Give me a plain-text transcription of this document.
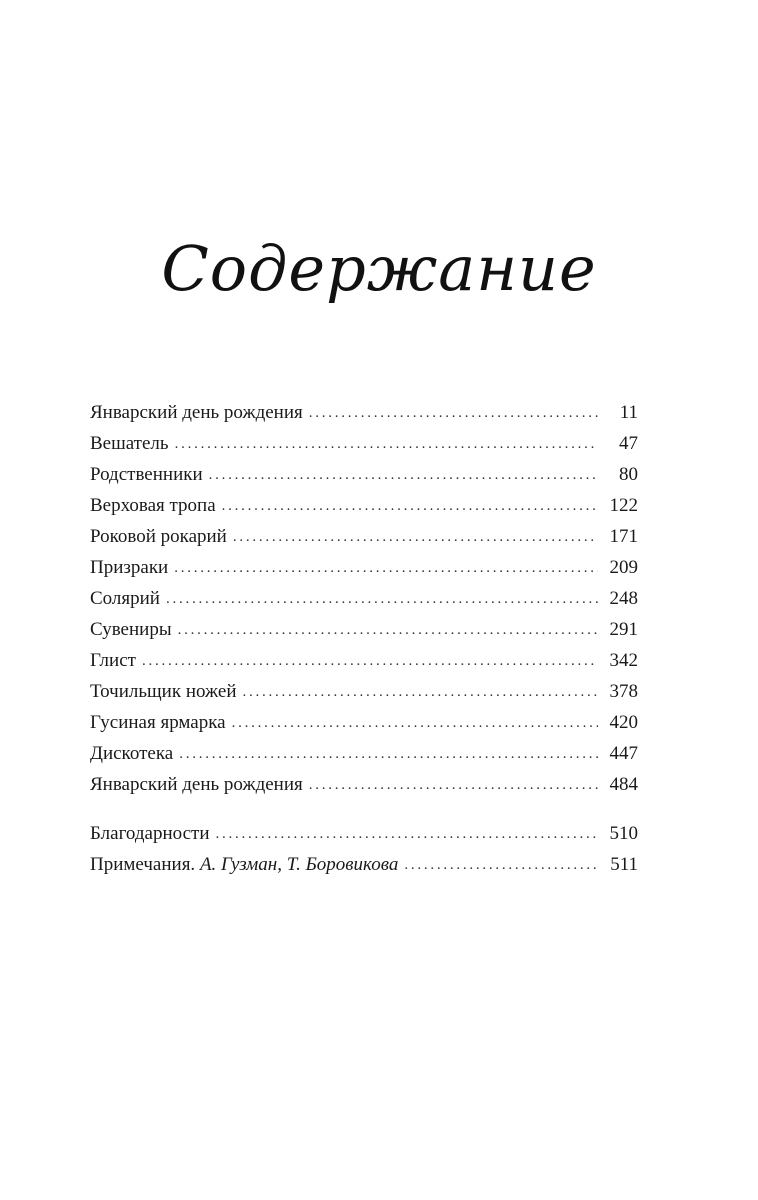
Содержание
Январский день рождения . . .	11
Вешатель . . .	47
Родственники . . .	80
Верховая тропа . . .	122
Роковой рокарий . . .	171
Призраки . . .	209
Солярий . . .	248
Сувениры . . .	291
Глист . . .	342
Точильщик ножей . . .	378
Гусиная ярмарка . . .	420
Дискотека . . .	447
Январский день рождения . . .	484
Благодарности . . .	510
Примечания. А. Гузман, Т. Боровикова . . .	511
